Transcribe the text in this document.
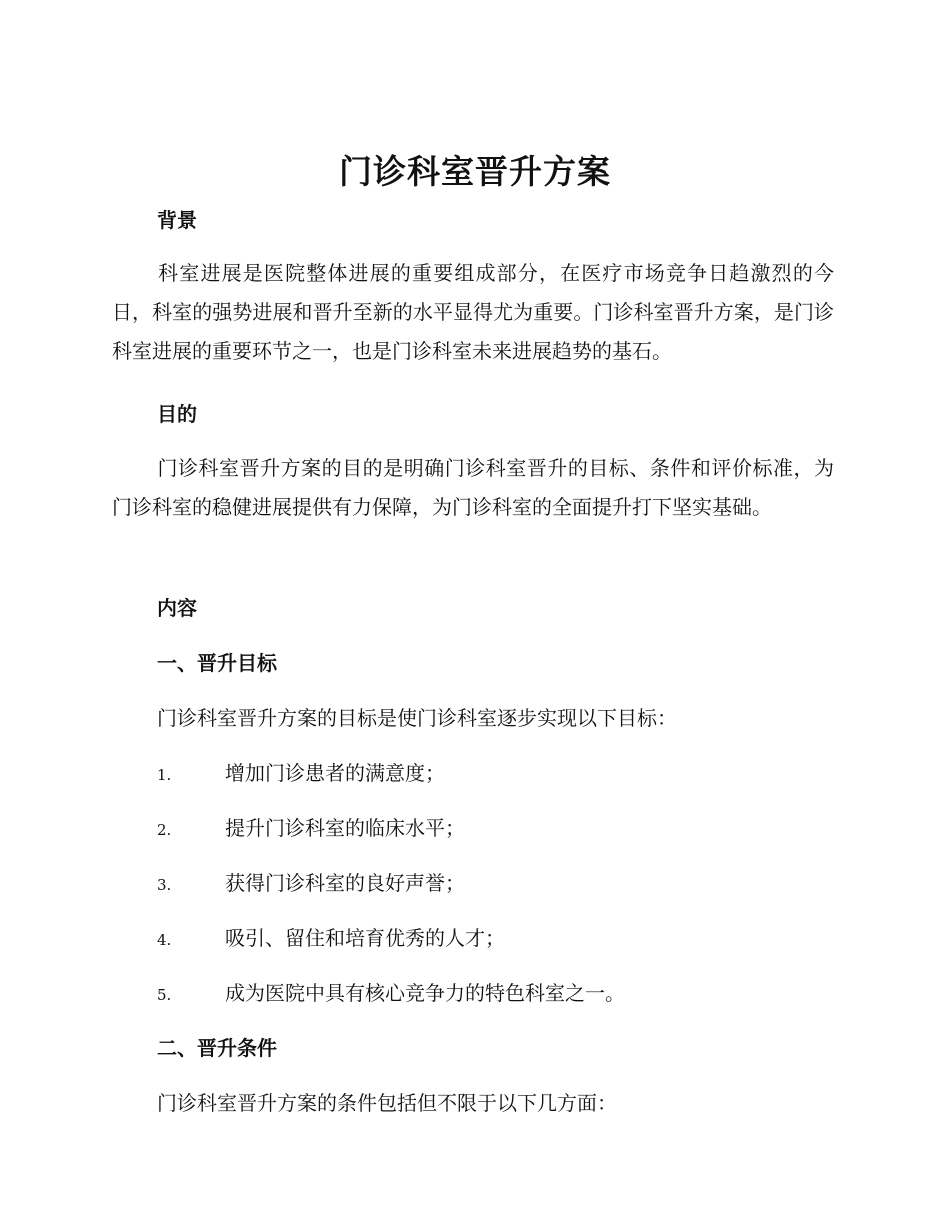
门诊科室晋升方案
背景

科室进展是医院整体进展的重要组成部分，在医疗市场竞争日趋激烈的今日，科室的强势进展和晋升至新的水平显得尤为重要。门诊科室晋升方案，是门诊科室进展的重要环节之一，也是门诊科室未来进展趋势的基石。

目的

门诊科室晋升方案的目的是明确门诊科室晋升的目标、条件和评价标准，为门诊科室的稳健进展提供有力保障，为门诊科室的全面提升打下坚实基础。

内容
一、晋升目标

门诊科室晋升方案的目标是使门诊科室逐步实现以下目标：

1.	增加门诊患者的满意度；

2.	提升门诊科室的临床水平；

3.	获得门诊科室的良好声誉；

4.	吸引、留住和培育优秀的人才；

5.	成为医院中具有核心竞争力的特色科室之一。

二、晋升条件

门诊科室晋升方案的条件包括但不限于以下几方面：
